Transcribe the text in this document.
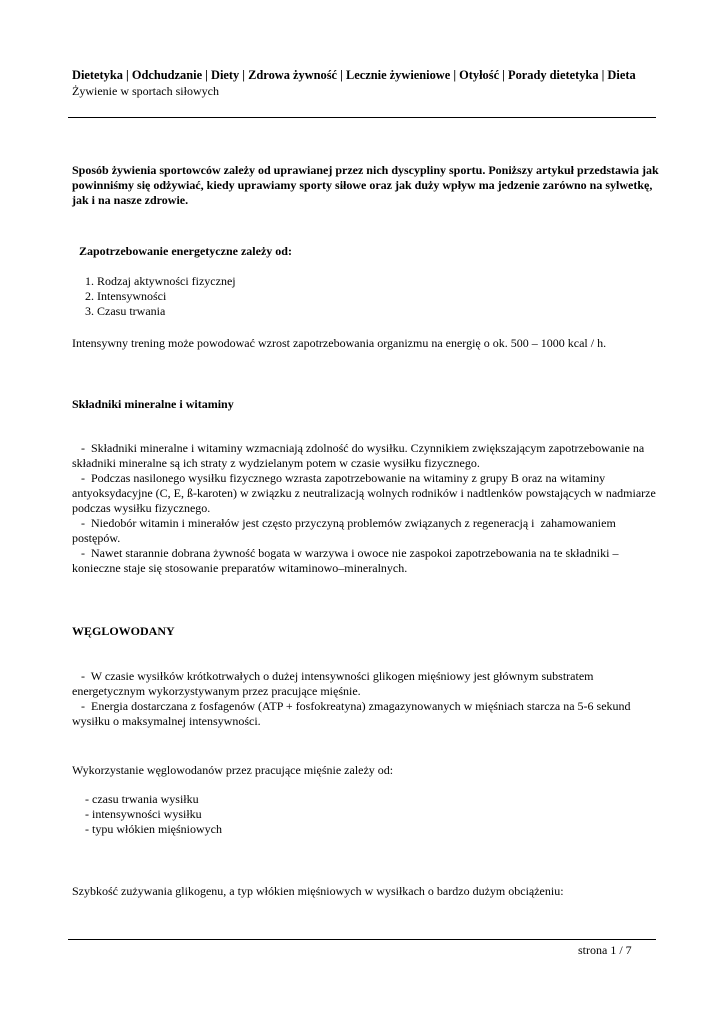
Dietetyka | Odchudzanie | Diety | Zdrowa żywność | Lecznie żywieniowe | Otyłość | Porady dietetyka | Dieta
Żywienie w sportach siłowych
Sposób żywienia sportowców zależy od uprawianej przez nich dyscypliny sportu. Poniższy artykuł przedstawia jak powinniśmy się odżywiać, kiedy uprawiamy sporty siłowe oraz jak duży wpływ ma jedzenie zarówno na sylwetkę, jak i na nasze zdrowie.
Zapotrzebowanie energetyczne zależy od:
1. Rodzaj aktywności fizycznej
2. Intensywności
3. Czasu trwania
Intensywny trening może powodować wzrost zapotrzebowania organizmu na energię o ok. 500 – 1000 kcal / h.
Składniki mineralne i witaminy

-  Składniki mineralne i witaminy wzmacniają zdolność do wysiłku. Czynnikiem zwiększającym zapotrzebowanie na składniki mineralne są ich straty z wydzielanym potem w czasie wysiłku fizycznego.

-  Podczas nasilonego wysiłku fizycznego wzrasta zapotrzebowanie na witaminy z grupy B oraz na witaminy antyoksydacyjne (C, E, ß-karoten) w związku z neutralizacją wolnych rodników i nadtlenków powstających w nadmiarze podczas wysiłku fizycznego.

-  Niedobór witamin i minerałów jest często przyczyną problemów związanych z regeneracją i  zahamowaniem postępów.

-  Nawet starannie dobrana żywność bogata w warzywa i owoce nie zaspokoi zapotrzebowania na te składniki – konieczne staje się stosowanie preparatów witaminowo–mineralnych.

WĘGLOWODANY

-  W czasie wysiłków krótkotrwałych o dużej intensywności glikogen mięśniowy jest głównym substratem energetycznym wykorzystywanym przez pracujące mięśnie.

-  Energia dostarczana z fosfagenów (ATP + fosfokreatyna) zmagazynowanych w mięśniach starcza na 5-6 sekund wysiłku o maksymalnej intensywności.

Wykorzystanie węglowodanów przez pracujące mięśnie zależy od:
- czasu trwania wysiłku
- intensywności wysiłku
- typu włókien mięśniowych
Szybkość zużywania glikogenu, a typ włókien mięśniowych w wysiłkach o bardzo dużym obciążeniu:
strona 1 / 7
